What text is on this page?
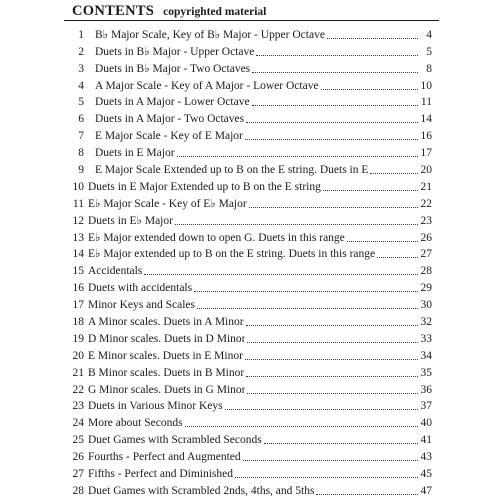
CONTENTS copyrighted material
1 B♭ Major Scale, Key of B♭ Major - Upper Octave	4
2 Duets in B♭ Major - Upper Octave	5
3 Duets in B♭ Major - Two Octaves	8
4 A Major Scale - Key of A Major - Lower Octave	10
5 Duets in A Major - Lower Octave	11
6 Duets in A Major - Two Octaves	14
7 E Major Scale - Key of E Major	16
8 Duets in E Major	17
9 E Major Scale Extended up to B on the E string. Duets in E	20
10 Duets in E Major Extended up to B on the E string	21
11 E♭ Major Scale - Key of E♭ Major	22
12 Duets in E♭ Major	23
13 E♭ Major extended down to open G. Duets in this range	26
14 E♭ Major extended up to B on the E string. Duets in this range	27
15 Accidentals	28
16 Duets with accidentals	29
17 Minor Keys and Scales	30
18 A Minor scales. Duets in A Minor	32
19 D Minor scales. Duets in D Minor	33
20 E Minor scales. Duets in E Minor	34
21 B Minor scales. Duets in B Minor	35
22 G Minor scales. Duets in G Minor	36
23 Duets in Various Minor Keys	37
24 More about Seconds	40
25 Duet Games with Scrambled Seconds	41
26 Fourths - Perfect and Augmented	43
27 Fifths - Perfect and Diminished	45
28 Duet Games with Scrambled 2nds, 4ths, and 5ths	47
